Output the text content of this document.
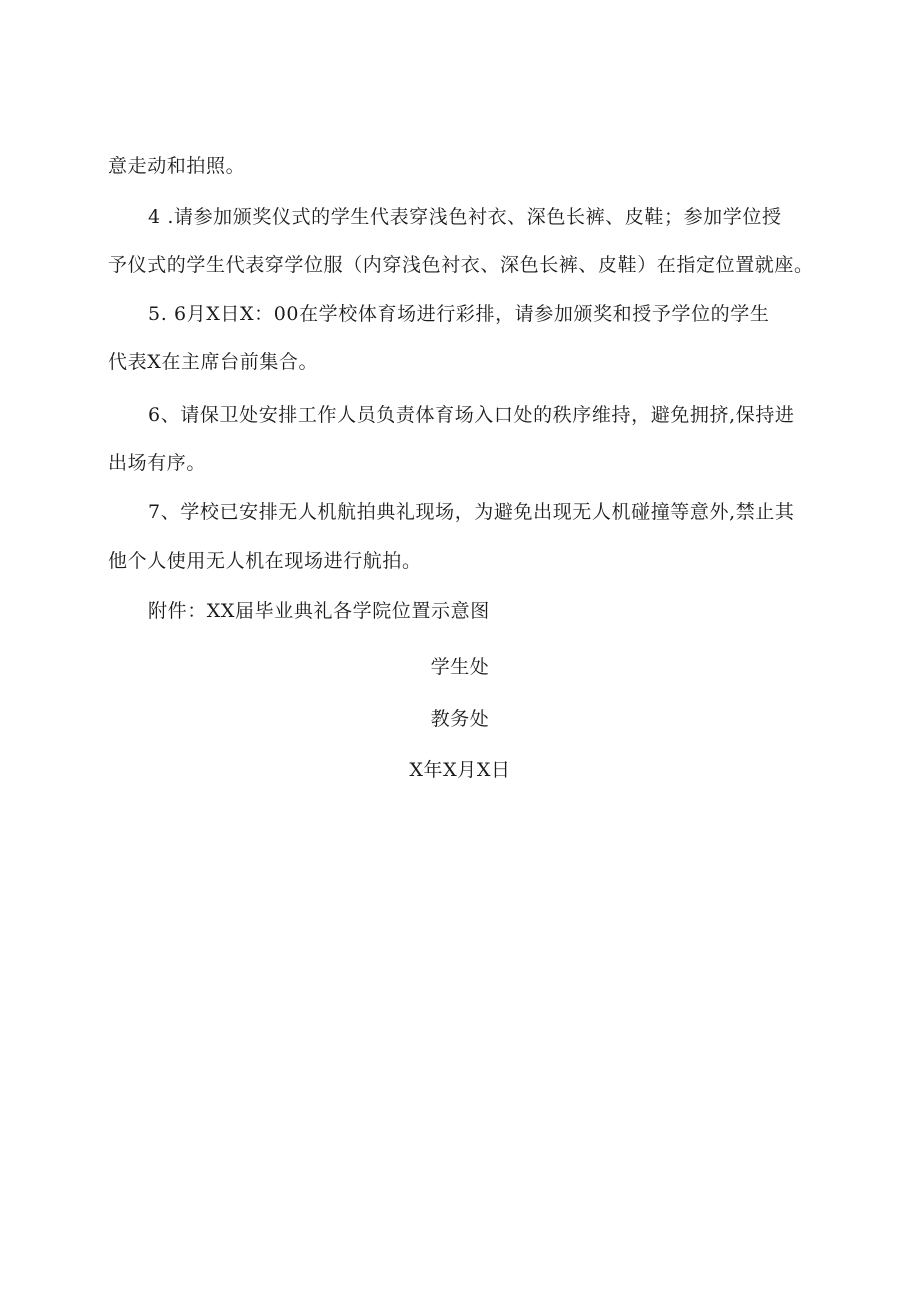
意走动和拍照。
4 .请参加颁奖仪式的学生代表穿浅色衬衣、深色长裤、皮鞋；参加学位授
予仪式的学生代表穿学位服（内穿浅色衬衣、深色长裤、皮鞋）在指定位置就座。
5. 6月X日X：00在学校体育场进行彩排，请参加颁奖和授予学位的学生
代表X在主席台前集合。
6、请保卫处安排工作人员负责体育场入口处的秩序维持，避免拥挤,保持进
出场有序。
7、学校已安排无人机航拍典礼现场，为避免出现无人机碰撞等意外,禁止其
他个人使用无人机在现场进行航拍。
附件：XX届毕业典礼各学院位置示意图
学生处
教务处
X年X月X日
